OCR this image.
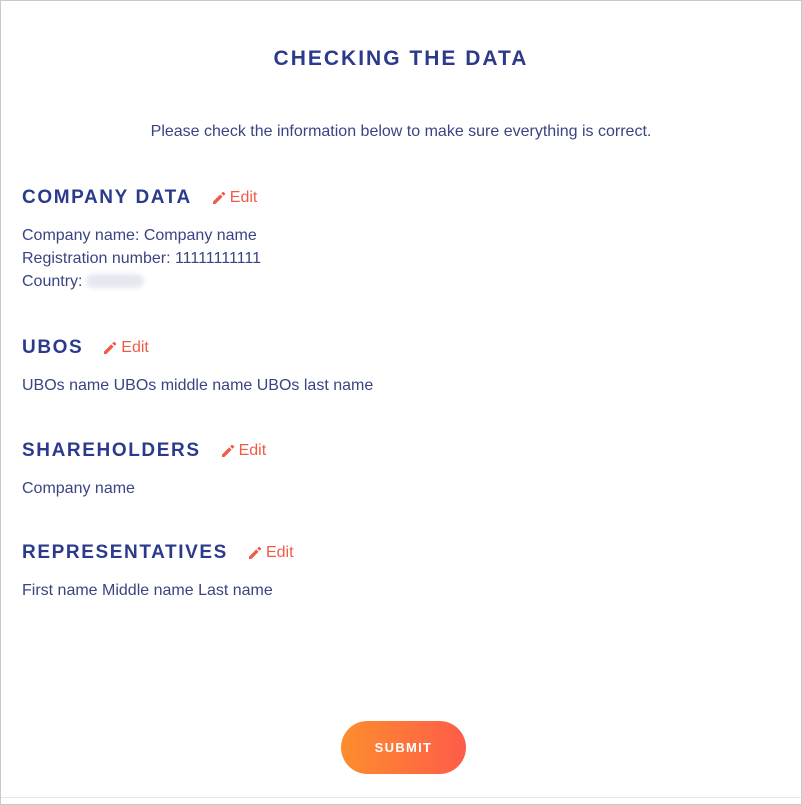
CHECKING THE DATA
Please check the information below to make sure everything is correct.
COMPANY DATA Edit
Company name: Company name
Registration number: 11111111111
Country:
UBOS Edit
UBOs name UBOs middle name UBOs last name
SHAREHOLDERS Edit
Company name
REPRESENTATIVES Edit
First name Middle name Last name
SUBMIT
